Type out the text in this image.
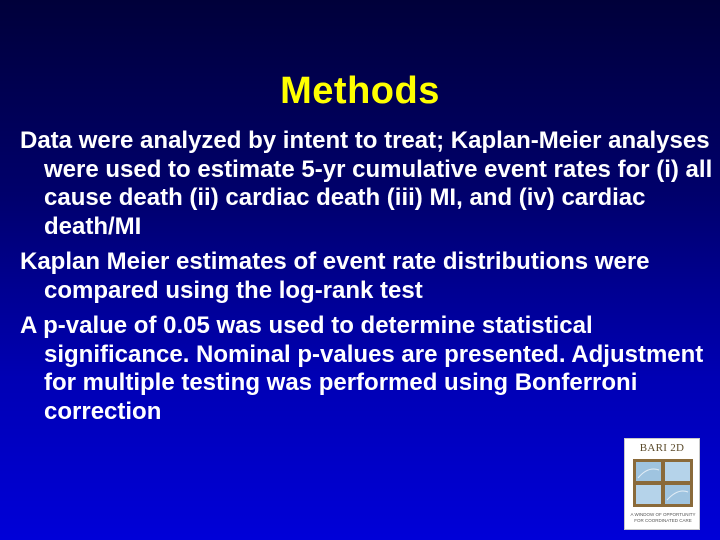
Methods
Data were analyzed by intent to treat; Kaplan-Meier analyses were used to estimate 5-yr cumulative event rates for (i) all cause death (ii) cardiac death (iii) MI, and (iv) cardiac death/MI
Kaplan Meier estimates of event rate distributions were compared using the log-rank test
A p-value of 0.05 was used to determine statistical significance. Nominal p-values are presented. Adjustment for multiple testing was performed using Bonferroni correction
BARI 2D
A WINDOW OF OPPORTUNITY
FOR COORDINATED CARE
